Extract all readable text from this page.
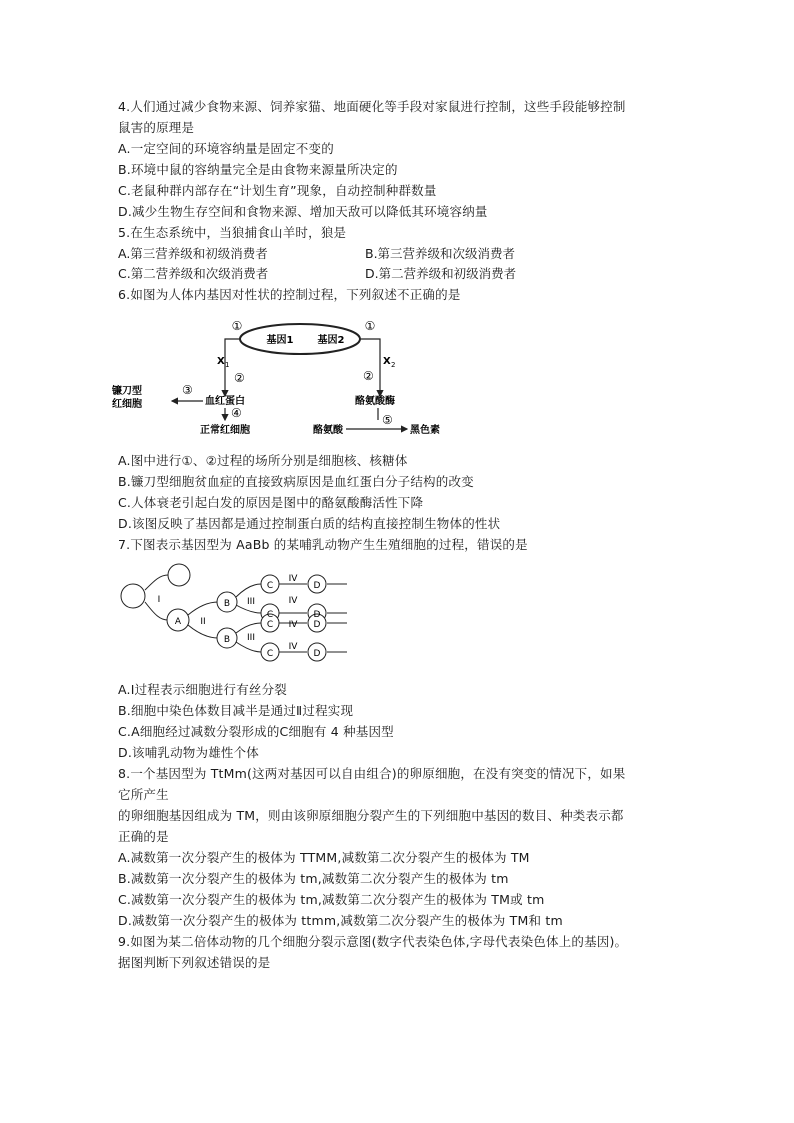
4.人们通过减少食物来源、饲养家猫、地面硬化等手段对家鼠进行控制，这些手段能够控制
鼠害的原理是
A.一定空间的环境容纳量是固定不变的
B.环境中鼠的容纳量完全是由食物来源量所决定的
C.老鼠种群内部存在“计划生育”现象，自动控制种群数量
D.减少生物生存空间和食物来源、增加天敌可以降低其环境容纳量
5.在生态系统中，当狼捕食山羊时，狼是
A.第三营养级和初级消费者	B.第三营养级和次级消费者
C.第二营养级和次级消费者	D.第二营养级和初级消费者
6.如图为人体内基因对性状的控制过程，下列叙述不正确的是
基因1 基因2
①	①
X 1	X 2
②	②
血红蛋白
③
镰刀型
红细胞
④
正常红细胞
酪氨酸酶
酪氨酸
⑤
黑色素
A.图中进行①、②过程的场所分别是细胞核、核糖体
B.镰刀型细胞贫血症的直接致病原因是血红蛋白分子结构的改变
C.人体衰老引起白发的原因是图中的酪氨酸酶活性下降
D.该图反映了基因都是通过控制蛋白质的结构直接控制生物体的性状
7.下图表示基因型为 AaBb 的某哺乳动物产生生殖细胞的过程，错误的是
I
II
III
III
IV
IV
IV
IV
A
B
B
C
C
C
C
D
D
D
D
A.Ⅰ过程表示细胞进行有丝分裂
B.细胞中染色体数目减半是通过Ⅱ过程实现
C.A细胞经过减数分裂形成的C细胞有 4 种基因型
D.该哺乳动物为雄性个体
8.一个基因型为 TtMm(这两对基因可以自由组合)的卵原细胞，在没有突变的情况下，如果
它所产生
的卵细胞基因组成为 TM，则由该卵原细胞分裂产生的下列细胞中基因的数目、种类表示都
正确的是
A.减数第一次分裂产生的极体为 TTMM,减数第二次分裂产生的极体为 TM
B.减数第一次分裂产生的极体为 tm,减数第二次分裂产生的极体为 tm
C.减数第一次分裂产生的极体为 tm,减数第二次分裂产生的极体为 TM或 tm
D.减数第一次分裂产生的极体为 ttmm,减数第二次分裂产生的极体为 TM和 tm
9.如图为某二倍体动物的几个细胞分裂示意图(数字代表染色体,字母代表染色体上的基因)。
据图判断下列叙述错误的是
